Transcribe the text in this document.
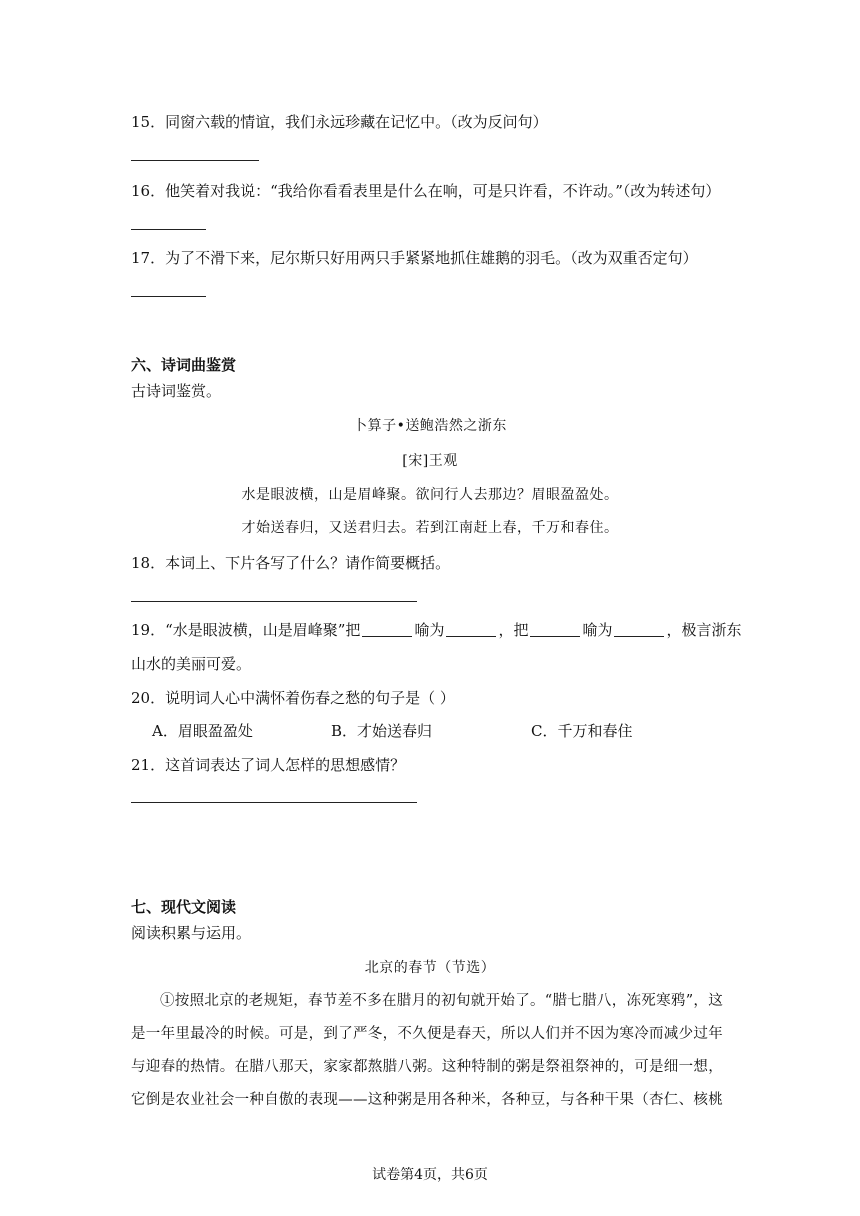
15．同窗六载的情谊，我们永远珍藏在记忆中。（改为反问句）
16．他笑着对我说：“我给你看看表里是什么在响，可是只许看，不许动。”（改为转述句）
17．为了不滑下来，尼尔斯只好用两只手紧紧地抓住雄鹅的羽毛。（改为双重否定句）
六、诗词曲鉴赏
古诗词鉴赏。
卜算子•送鲍浩然之浙东
[宋]王观
水是眼波横，山是眉峰聚。欲问行人去那边？眉眼盈盈处。
才始送春归，又送君归去。若到江南赶上春，千万和春住。
18．本词上、下片各写了什么？请作简要概括。
19．“水是眼波横，山是眉峰聚”把	喻为	，把	喻为	，极言浙东
山水的美丽可爱。
20．说明词人心中满怀着伤春之愁的句子是（ ）
A．眉眼盈盈处	B．才始送春归	C．千万和春住
21．这首词表达了词人怎样的思想感情？
七、现代文阅读
阅读积累与运用。
北京的春节（节选）

①按照北京的老规矩，春节差不多在腊月的初旬就开始了。“腊七腊八，冻死寒鸦”，这是一年里最冷的时候。可是，到了严冬，不久便是春天，所以人们并不因为寒冷而减少过年与迎春的热情。在腊八那天，家家都熬腊八粥。这种特制的粥是祭祖祭神的，可是细一想，它倒是农业社会一种自傲的表现——这种粥是用各种米，各种豆，与各种干果（杏仁、核桃

试卷第4页，共6页
